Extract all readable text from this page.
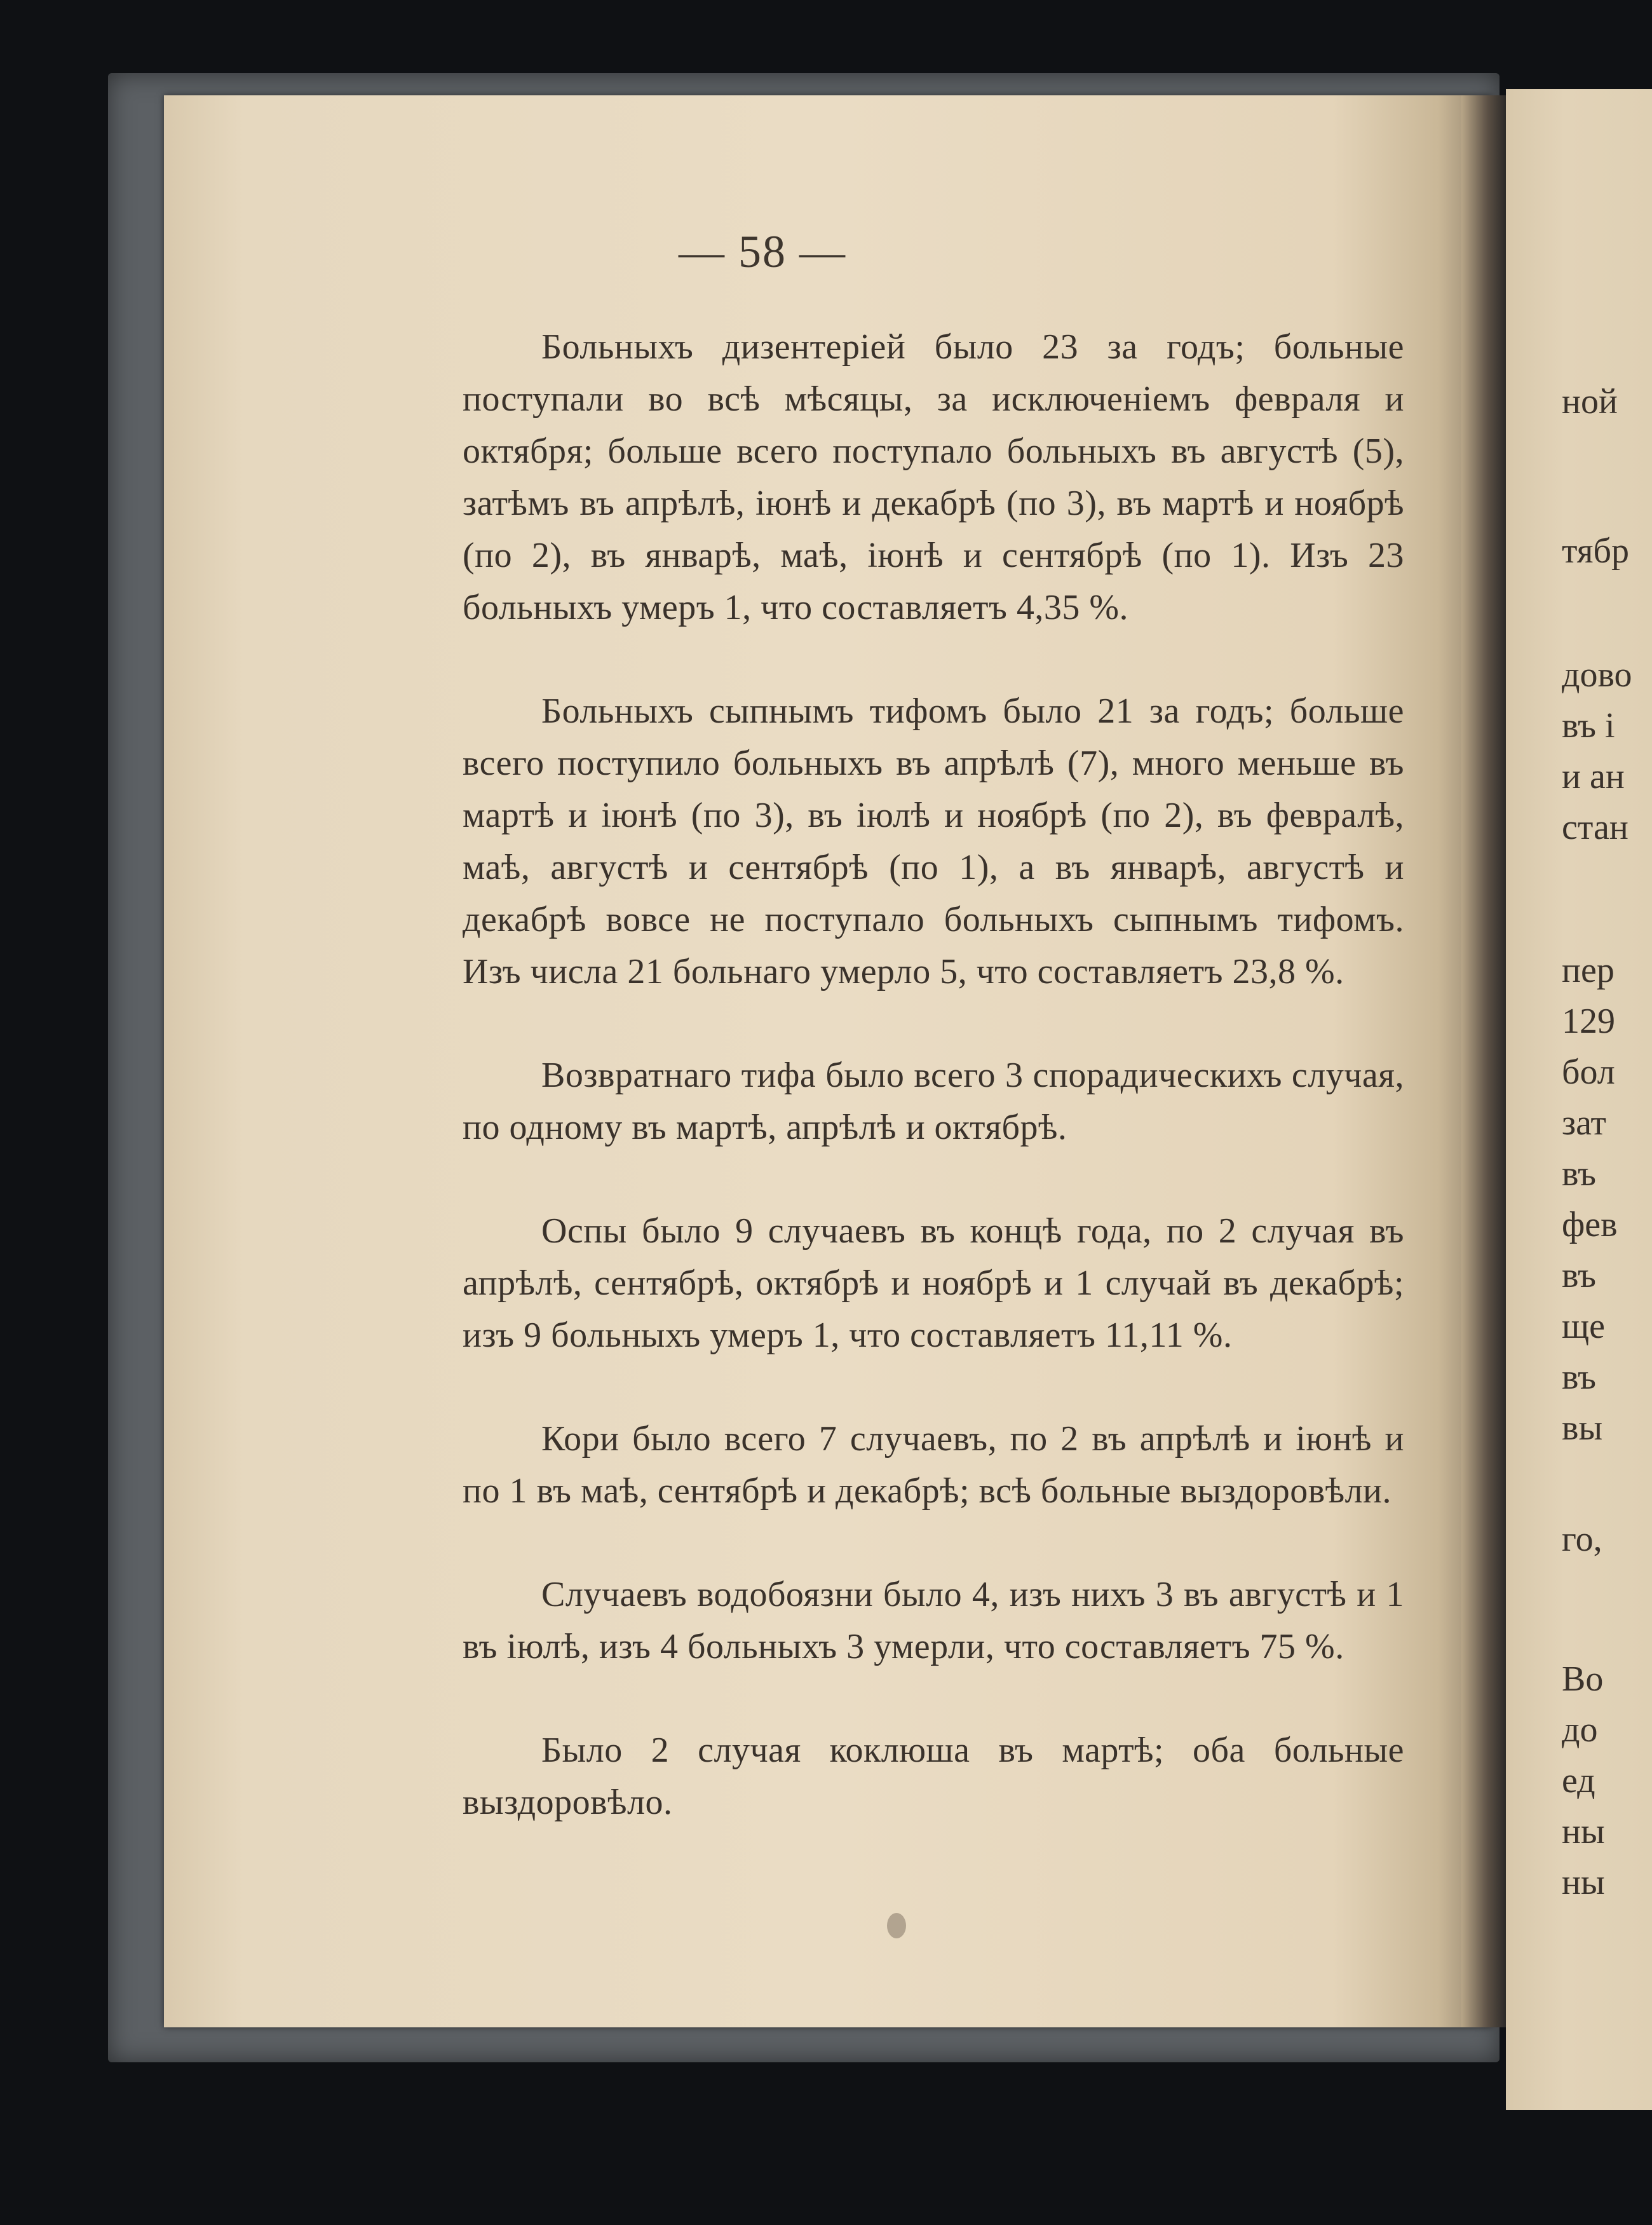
— 58 —

Больныхъ дизентеріей было 23 за годъ; больные поступали во всѣ мѣсяцы, за исключеніемъ февраля и октября; больше всего поступало больныхъ въ августѣ (5), затѣмъ въ апрѣлѣ, іюнѣ и декабрѣ (по 3), въ мартѣ и ноябрѣ (по 2), въ январѣ, маѣ, іюнѣ и сентябрѣ (по 1). Изъ 23 больныхъ умеръ 1, что составляетъ 4,35 %.

Больныхъ сыпнымъ тифомъ было 21 за годъ; больше всего поступило больныхъ въ апрѣлѣ (7), много меньше въ мартѣ и іюнѣ (по 3), въ іюлѣ и ноябрѣ (по 2), въ февралѣ, маѣ, августѣ и сентябрѣ (по 1), а въ январѣ, августѣ и декабрѣ вовсе не поступало больныхъ сыпнымъ тифомъ. Изъ числа 21 больнаго умерло 5, что составляетъ 23,8 %.

Возвратнаго тифа было всего 3 спорадическихъ случая, по одному въ мартѣ, апрѣлѣ и октябрѣ.

Оспы было 9 случаевъ въ концѣ года, по 2 случая въ апрѣлѣ, сентябрѣ, октябрѣ и ноябрѣ и 1 случай въ декабрѣ; изъ 9 больныхъ умеръ 1, что составляетъ 11,11 %.

Кори было всего 7 случаевъ, по 2 въ апрѣлѣ и іюнѣ и по 1 въ маѣ, сентябрѣ и декабрѣ; всѣ больные выздоровѣли.

Случаевъ водобоязни было 4, изъ нихъ 3 въ августѣ и 1 въ іюлѣ, изъ 4 больныхъ 3 умерли, что составляетъ 75 %.

Было 2 случая коклюша въ мартѣ; оба больные выздоровѣло.

ной
тябр
дово
въ і
и ан
стан
пер
129
бол
зат
въ
фев
въ
ще
въ
вы
го,
Во
до
ед
ны
ны
